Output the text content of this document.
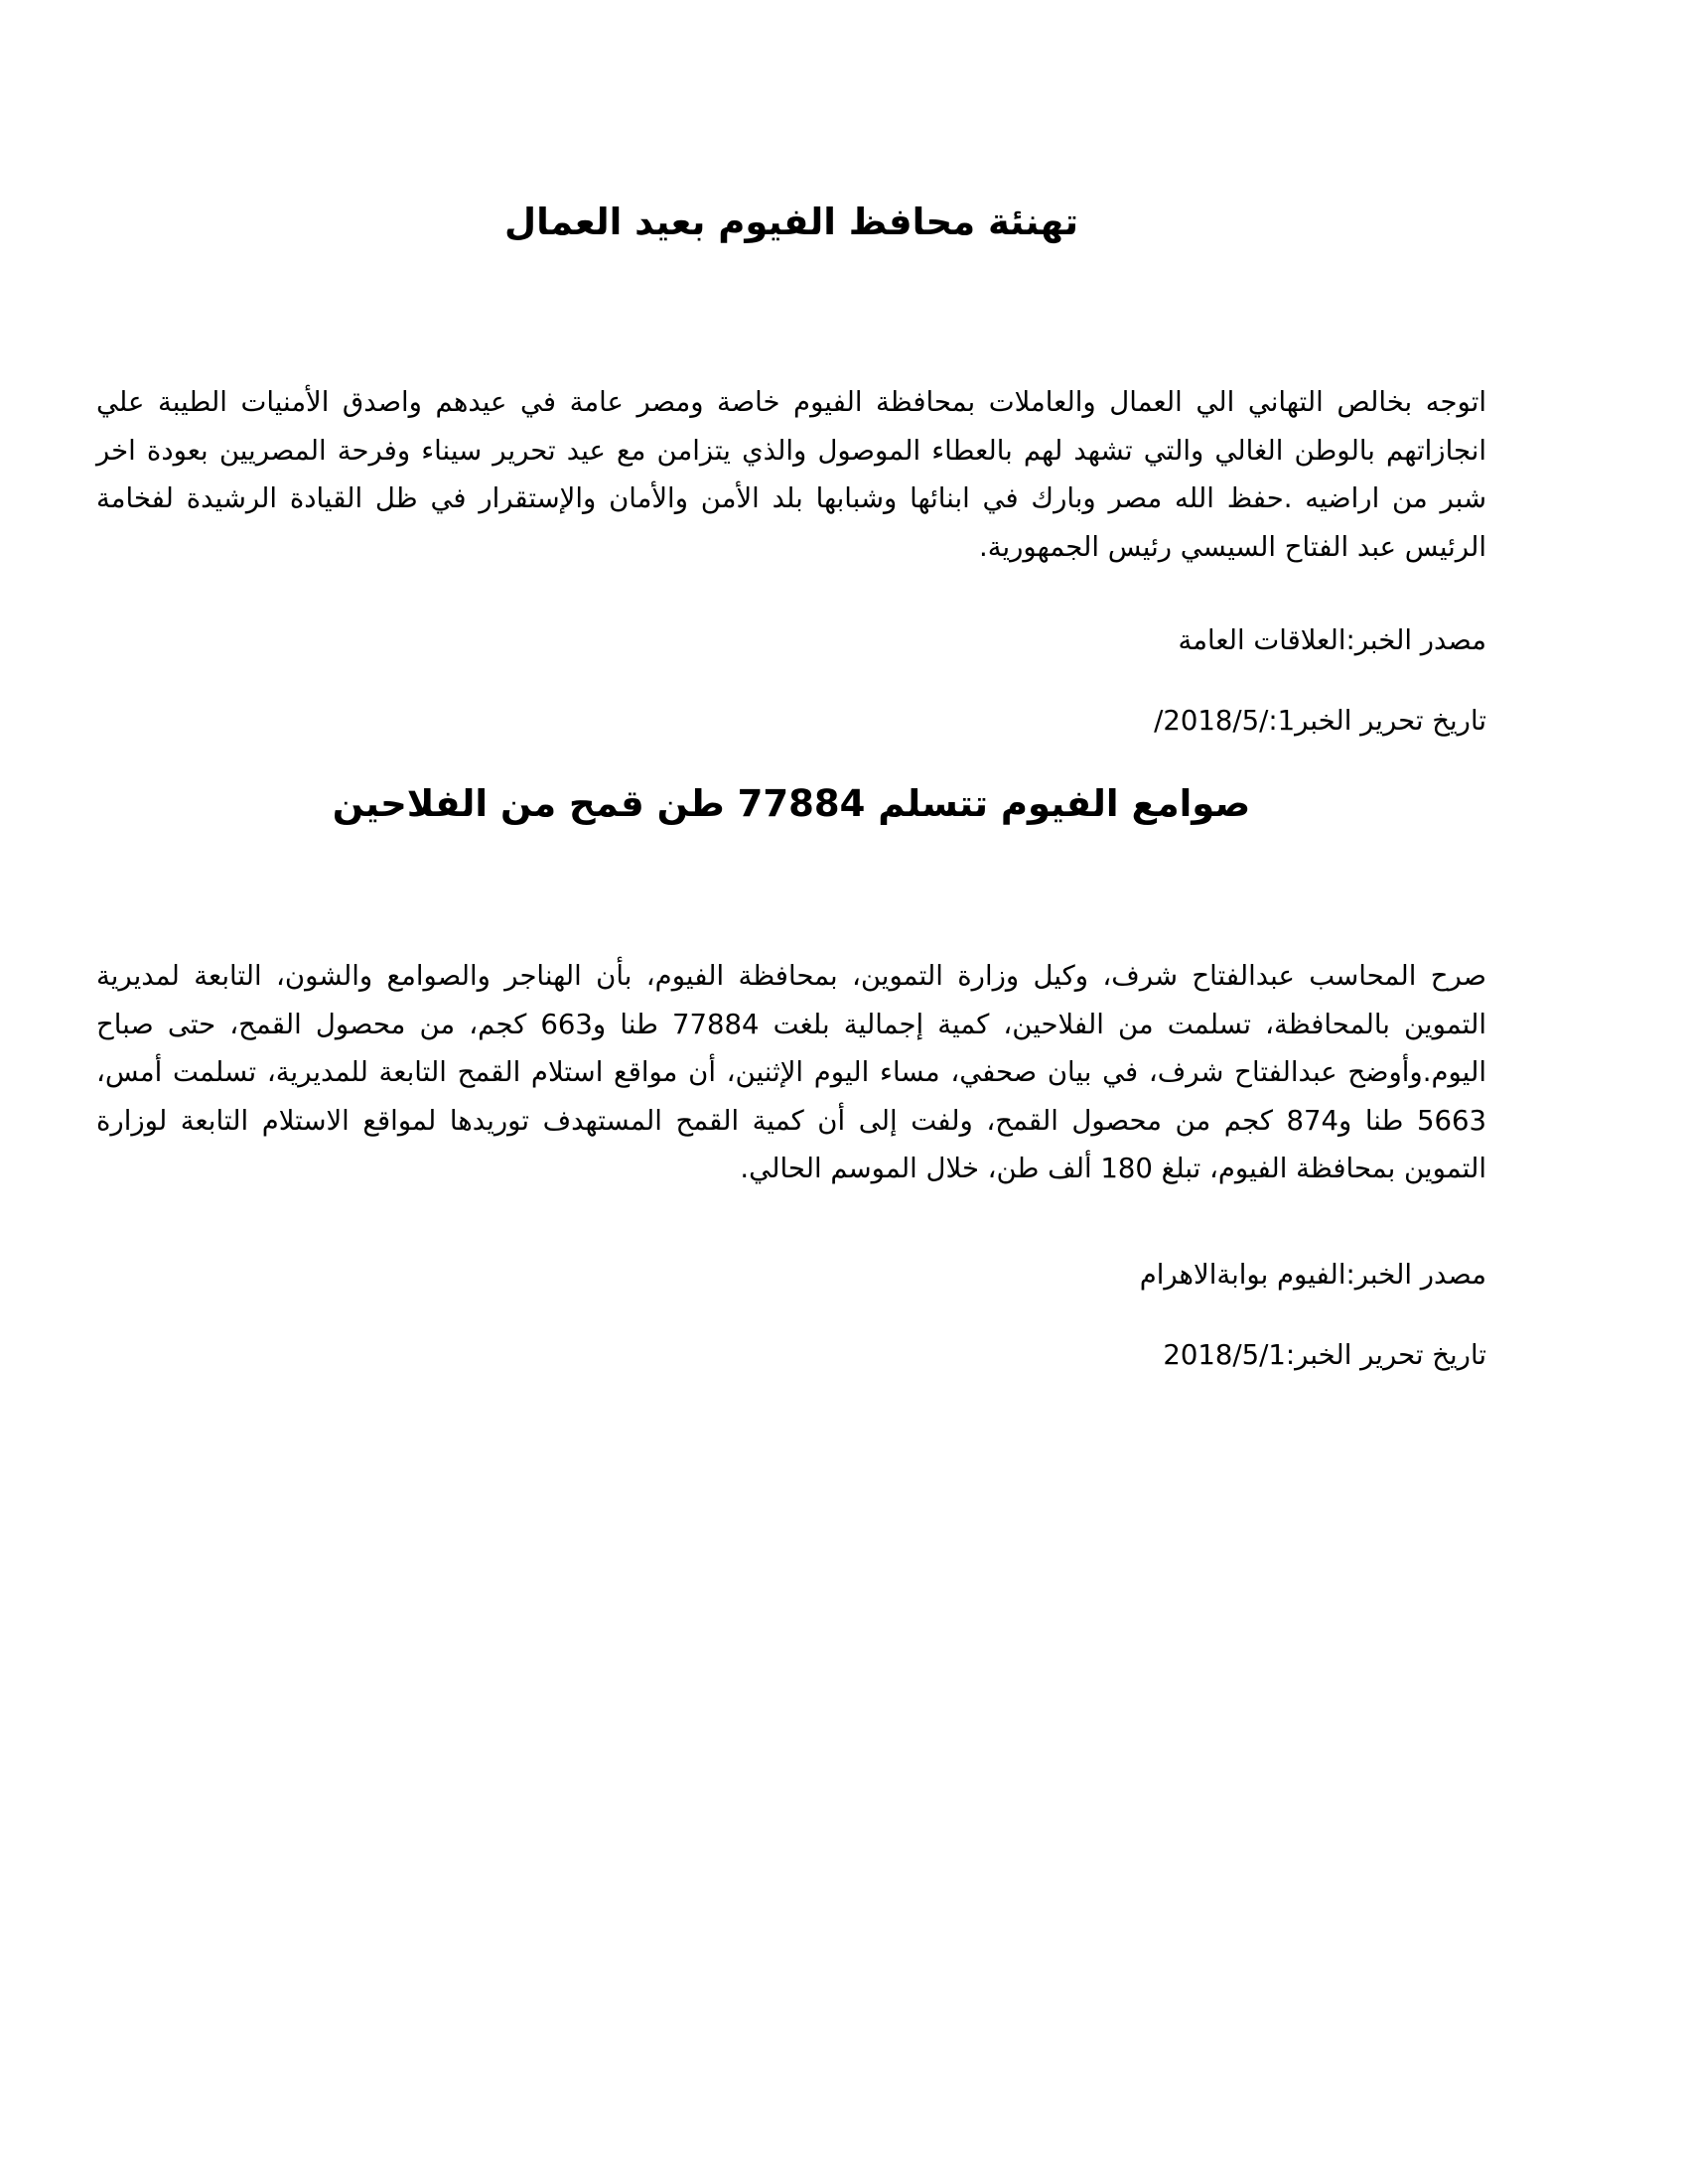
تهنئة محافظ الفيوم بعيد العمال

اتوجه بخالص التهاني الي العمال والعاملات بمحافظة الفيوم خاصة ومصر عامة في عيدهم واصدق الأمنيات الطيبة علي انجازاتهم بالوطن الغالي والتي تشهد لهم بالعطاء الموصول والذي يتزامن مع عيد تحرير سيناء وفرحة المصريين بعودة اخر شبر من اراضيه .حفظ الله مصر وبارك في ابنائها وشبابها بلد الأمن والأمان والإستقرار في ظل القيادة الرشيدة لفخامة الرئيس عبد الفتاح السيسي رئيس الجمهورية.

مصدر الخبر:العلاقات العامة

تاريخ تحرير الخبر1:/2018/5/

صوامع الفيوم تتسلم 77884 طن قمح من الفلاحين

صرح المحاسب عبدالفتاح شرف، وكيل وزارة التموين، بمحافظة الفيوم، بأن الهناجر والصوامع والشون، التابعة لمديرية التموين بالمحافظة، تسلمت من الفلاحين، كمية إجمالية بلغت 77884 طنا و663 كجم، من محصول القمح، حتى صباح اليوم.وأوضح عبدالفتاح شرف، في بيان صحفي، مساء اليوم الإثنين، أن مواقع استلام القمح التابعة للمديرية، تسلمت أمس، 5663 طنا و874 كجم من محصول القمح، ولفت إلى أن كمية القمح المستهدف توريدها لمواقع الاستلام التابعة لوزارة التموين بمحافظة الفيوم، تبلغ 180 ألف طن، خلال الموسم الحالي.

مصدر الخبر:الفيوم بوابةالاهرام

تاريخ تحرير الخبر:2018/5/1
